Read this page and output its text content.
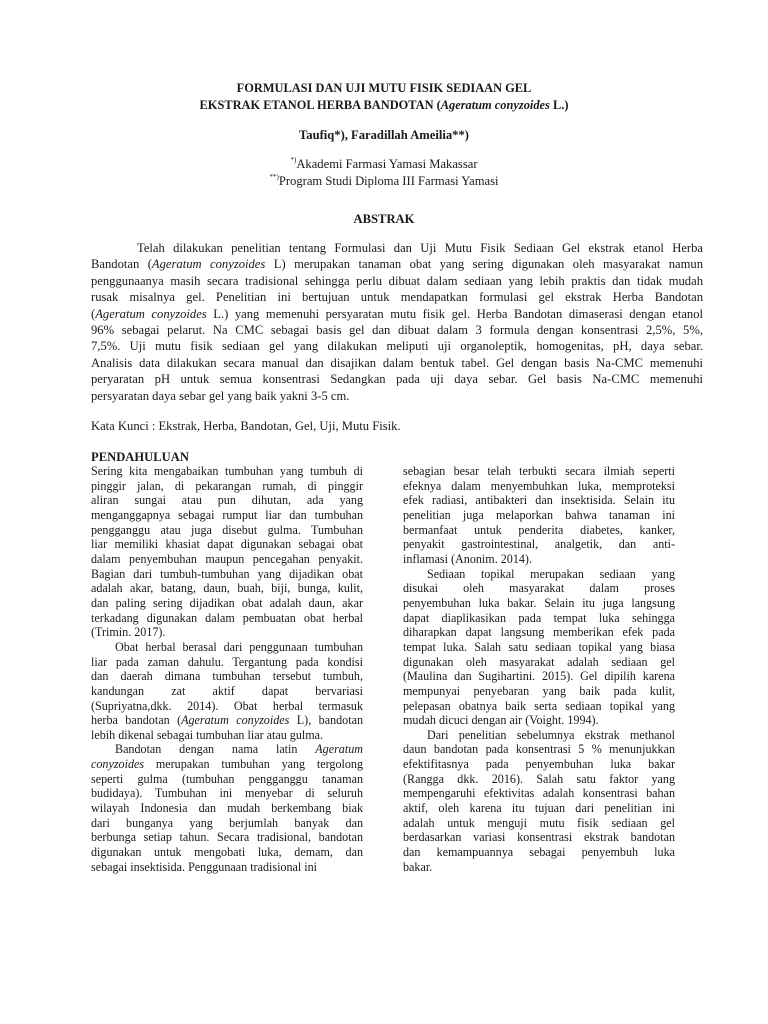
FORMULASI DAN UJI MUTU FISIK SEDIAAN GEL
EKSTRAK ETANOL HERBA BANDOTAN (Ageratum conyzoides L.)
Taufiq*), Faradillah Ameilia**)
*)Akademi Farmasi Yamasi Makassar
**)Program Studi Diploma III Farmasi Yamasi
ABSTRAK
Telah dilakukan penelitian tentang Formulasi dan Uji Mutu Fisik Sediaan Gel ekstrak etanol Herba
Bandotan (Ageratum conyzoides L) merupakan tanaman obat yang sering digunakan oleh masyarakat namun
penggunaanya masih secara tradisional sehingga perlu dibuat dalam sediaan yang lebih praktis dan tidak mudah
rusak misalnya gel. Penelitian ini bertujuan untuk mendapatkan formulasi gel ekstrak Herba Bandotan
(Ageratum conyzoides L.) yang memenuhi persyaratan mutu fisik gel. Herba Bandotan dimaserasi dengan etanol
96% sebagai pelarut. Na CMC sebagai basis gel dan dibuat dalam 3 formula dengan konsentrasi 2,5%, 5%,
7,5%. Uji mutu fisik sediaan gel yang dilakukan meliputi uji organoleptik, homogenitas, pH, daya sebar.
Analisis data dilakukan secara manual dan disajikan dalam bentuk tabel. Gel dengan basis Na-CMC memenuhi
peryaratan pH untuk semua konsentrasi Sedangkan pada uji daya sebar. Gel basis Na-CMC memenuhi
persyaratan daya sebar gel yang baik yakni 3-5 cm.
Kata Kunci : Ekstrak, Herba, Bandotan, Gel, Uji, Mutu Fisik.
PENDAHULUAN
Sering kita mengabaikan tumbuhan yang tumbuh di
pinggir jalan, di pekarangan rumah, di pinggir
aliran sungai atau pun dihutan, ada yang
menganggapnya sebagai rumput liar dan tumbuhan
pengganggu atau juga disebut gulma. Tumbuhan
liar memiliki khasiat dapat digunakan sebagai obat
dalam penyembuhan maupun pencegahan penyakit.
Bagian dari tumbuh-tumbuhan yang dijadikan obat
adalah akar, batang, daun, buah, biji, bunga, kulit,
dan paling sering dijadikan obat adalah daun, akar
terkadang digunakan dalam pembuatan obat herbal
(Trimin. 2017).
Obat herbal berasal dari penggunaan tumbuhan
liar pada zaman dahulu. Tergantung pada kondisi
dan daerah dimana tumbuhan tersebut tumbuh,
kandungan zat aktif dapat bervariasi
(Supriyatna,dkk. 2014). Obat herbal termasuk
herba bandotan (Ageratum conyzoides L), bandotan
lebih dikenal sebagai tumbuhan liar atau gulma.
Bandotan dengan nama latin Ageratum
conyzoides merupakan tumbuhan yang tergolong
seperti gulma (tumbuhan pengganggu tanaman
budidaya). Tumbuhan ini menyebar di seluruh
wilayah Indonesia dan mudah berkembang biak
dari bunganya yang berjumlah banyak dan
berbunga setiap tahun. Secara tradisional, bandotan
digunakan untuk mengobati luka, demam, dan
sebagai insektisida. Penggunaan tradisional ini
sebagian besar telah terbukti secara ilmiah seperti
efeknya dalam menyembuhkan luka, memproteksi
efek radiasi, antibakteri dan insektisida. Selain itu
penelitian juga melaporkan bahwa tanaman ini
bermanfaat untuk penderita diabetes, kanker,
penyakit gastrointestinal, analgetik, dan anti-
inflamasi (Anonim. 2014).
Sediaan topikal merupakan sediaan yang
disukai oleh masyarakat dalam proses
penyembuhan luka bakar. Selain itu juga langsung
dapat diaplikasikan pada tempat luka sehingga
diharapkan dapat langsung memberikan efek pada
tempat luka. Salah satu sediaan topikal yang biasa
digunakan oleh masyarakat adalah sediaan gel
(Maulina dan Sugihartini. 2015). Gel dipilih karena
mempunyai penyebaran yang baik pada kulit,
pelepasan obatnya baik serta sediaan topikal yang
mudah dicuci dengan air (Voight. 1994).
Dari penelitian sebelumnya ekstrak methanol
daun bandotan pada konsentrasi 5 % menunjukkan
efektifitasnya pada penyembuhan luka bakar
(Rangga dkk. 2016). Salah satu faktor yang
mempengaruhi efektivitas adalah konsentrasi bahan
aktif, oleh karena itu tujuan dari penelitian ini
adalah untuk menguji mutu fisik sediaan gel
berdasarkan variasi konsentrasi ekstrak bandotan
dan kemampuannya sebagai penyembuh luka
bakar.
